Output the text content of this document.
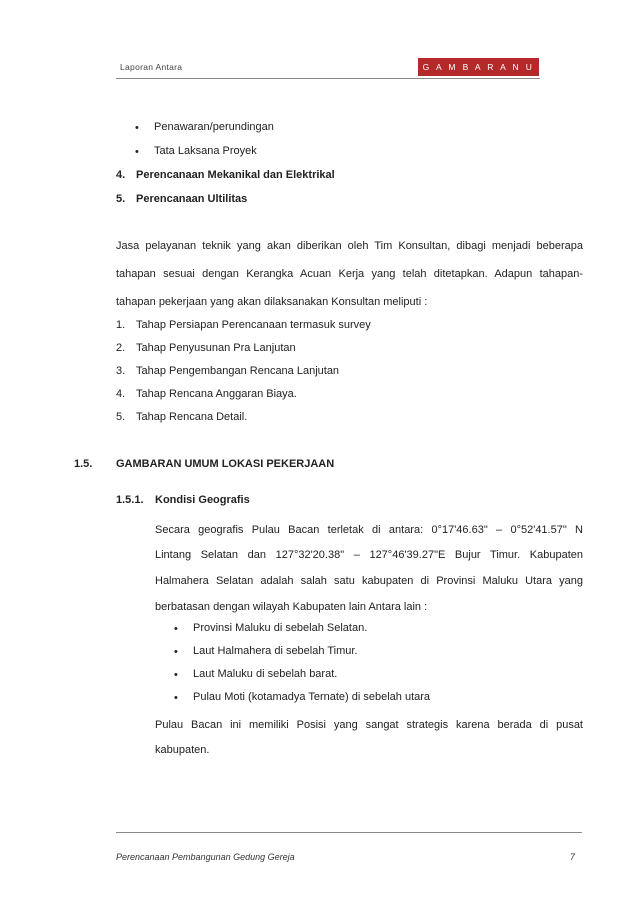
Laporan Antara	G A M B A R A N U M U M
• Penawaran/perundingan
• Tata Laksana Proyek
4. Perencanaan Mekanikal dan Elektrikal
5. Perencanaan Ultilitas
Jasa pelayanan teknik yang akan diberikan oleh Tim Konsultan, dibagi menjadi beberapa
tahapan sesuai dengan Kerangka Acuan Kerja yang telah ditetapkan. Adapun tahapan-
tahapan pekerjaan yang akan dilaksanakan Konsultan meliputi :
1. Tahap Persiapan Perencanaan termasuk survey
2. Tahap Penyusunan Pra Lanjutan
3. Tahap Pengembangan Rencana Lanjutan
4. Tahap Rencana Anggaran Biaya.
5. Tahap Rencana Detail.
1.5. GAMBARAN UMUM LOKASI PEKERJAAN
1.5.1. Kondisi Geografis
Secara geografis Pulau Bacan terletak di antara: 0°17'46.63" – 0°52'41.57" N
Lintang Selatan dan 127°32'20.38" – 127°46'39.27"E Bujur Timur. Kabupaten
Halmahera Selatan adalah salah satu kabupaten di Provinsi Maluku Utara yang
berbatasan dengan wilayah Kabupaten lain Antara lain :
• Provinsi Maluku di sebelah Selatan.
• Laut Halmahera di sebelah Timur.
• Laut Maluku di sebelah barat.
• Pulau Moti (kotamadya Ternate) di sebelah utara
Pulau Bacan ini memiliki Posisi yang sangat strategis karena berada di pusat
kabupaten.
Perencanaan Pembangunan Gedung Gereja	7
